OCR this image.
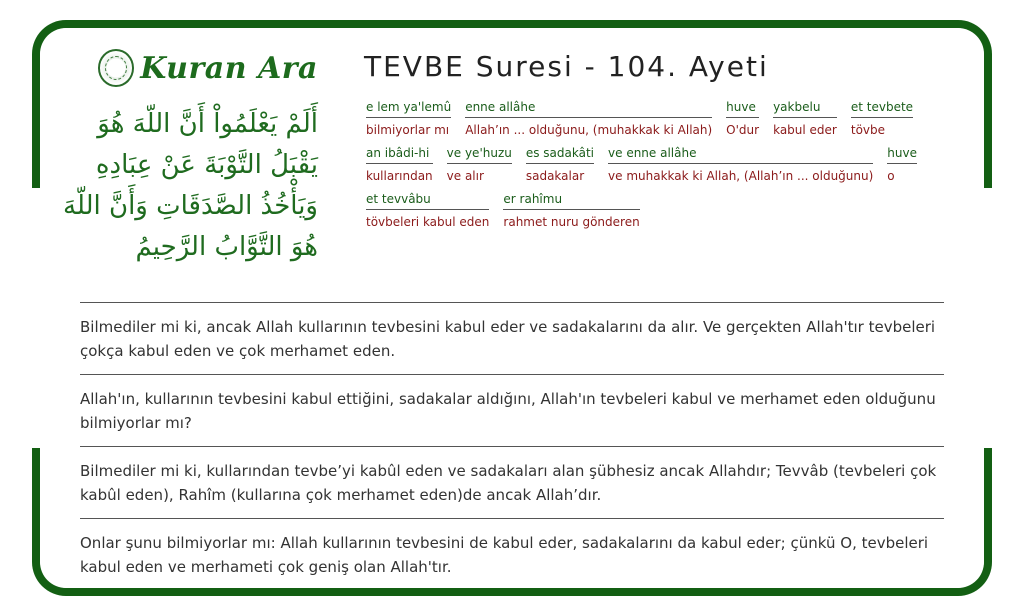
Kuran Ara
أَلَمْ يَعْلَمُواْ أَنَّ اللّهَ هُوَ يَقْبَلُ التَّوْبَةَ عَنْ عِبَادِهِ وَيَأْخُذُ الصَّدَقَاتِ وَأَنَّ اللّهَ هُوَ التَّوَّابُ الرَّحِيمُ
TEVBE Suresi - 104. Ayeti
e lem ya'lemû
bilmiyorlar mı
enne allâhe
Allah’ın ... olduğunu, (muhakkak ki Allah)
huve
O'dur
yakbelu
kabul eder
et tevbete
tövbe
an ibâdi-hi
kullarından
ve ye'huzu
ve alır
es sadakâti
sadakalar
ve enne allâhe
ve muhakkak ki Allah, (Allah’ın ... olduğunu)
huve
o
et tevvâbu
tövbeleri kabul eden
er rahîmu
rahmet nuru gönderen
Bilmediler mi ki, ancak Allah kullarının tevbesini kabul eder ve sadakalarını da alır. Ve gerçekten Allah'tır tevbeleri çokça kabul eden ve çok merhamet eden.
Allah'ın, kullarının tevbesini kabul ettiğini, sadakalar aldığını, Allah'ın tevbeleri kabul ve merhamet eden olduğunu bilmiyorlar mı?
Bilmediler mi ki, kullarından tevbe’yi kabûl eden ve sadakaları alan şübhesiz ancak Allahdır; Tevvâb (tevbeleri çok kabûl eden), Rahîm (kullarına çok merhamet eden)de ancak Allah’dır.
Onlar şunu bilmiyorlar mı: Allah kullarının tevbesini de kabul eder, sadakalarını da kabul eder; çünkü O, tevbeleri kabul eden ve merhameti çok geniş olan Allah'tır.
